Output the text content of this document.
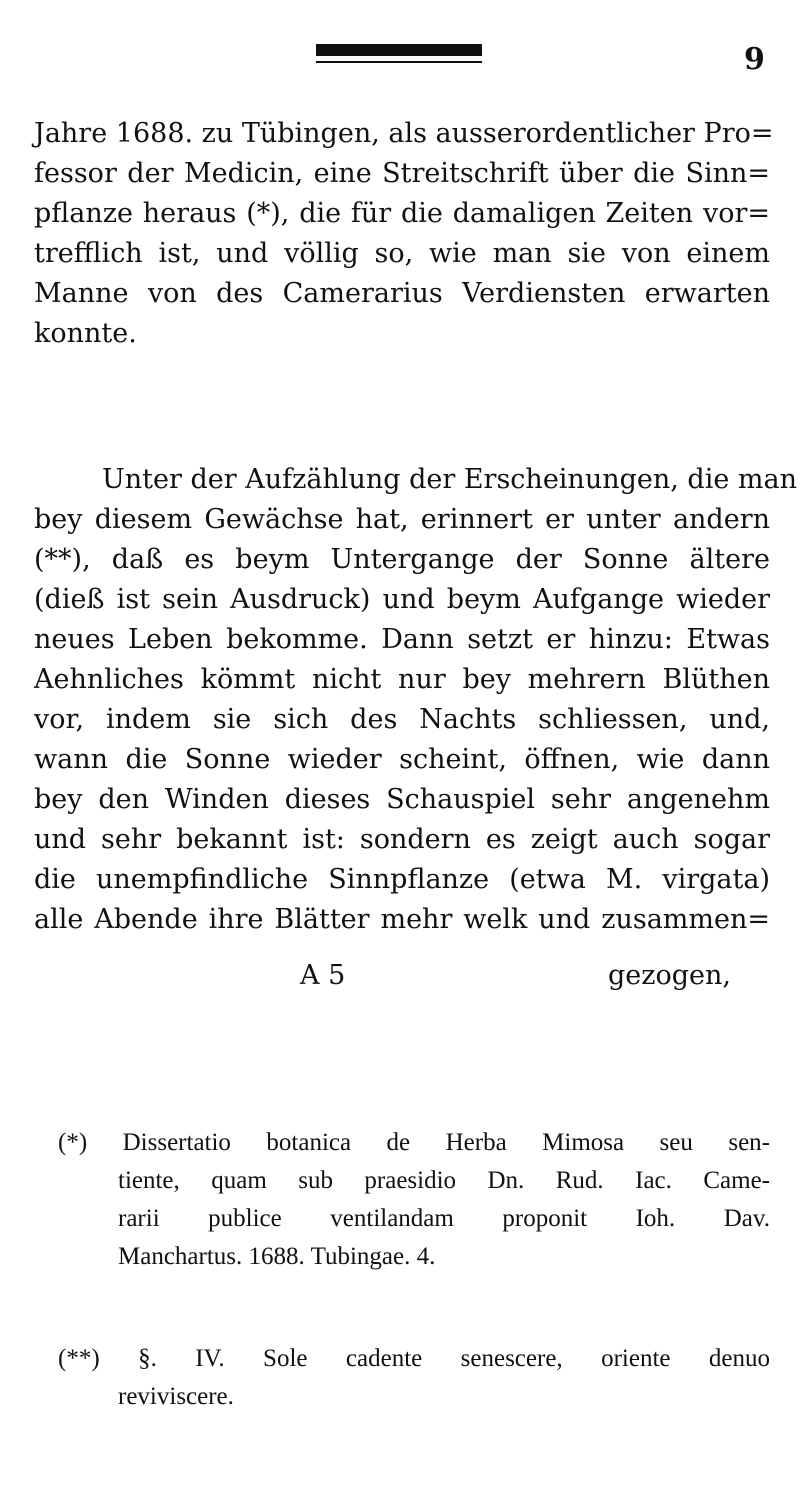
9
Jahre 1688. zu Tübingen, als ausserordentlicher Pro=
fessor der Medicin, eine Streitschrift über die Sinn=
pflanze heraus (*), die für die damaligen Zeiten vor=
trefflich ist, und völlig so, wie man sie von einem
Manne von des Camerarius Verdiensten erwarten
konnte.
Unter der Aufzählung der Erscheinungen, die man
bey diesem Gewächse hat, erinnert er unter andern
(**), daß es beym Untergange der Sonne ältere
(dieß ist sein Ausdruck) und beym Aufgange wieder
neues Leben bekomme. Dann setzt er hinzu: Etwas
Aehnliches kömmt nicht nur bey mehrern Blüthen
vor, indem sie sich des Nachts schliessen, und,
wann die Sonne wieder scheint, öffnen, wie dann
bey den Winden dieses Schauspiel sehr angenehm
und sehr bekannt ist: sondern es zeigt auch sogar
die unempfindliche Sinnpflanze (etwa M. virgata)
alle Abende ihre Blätter mehr welk und zusammen=
A 5	gezogen,
(*) Dissertatio botanica de Herba Mimosa seu sen-
tiente, quam sub praesidio Dn. Rud. Iac. Came-
rarii publice ventilandam proponit Ioh. Dav.
Manchartus. 1688. Tubingae. 4.
(**) §. IV. Sole cadente senescere, oriente denuo
reviviscere.
